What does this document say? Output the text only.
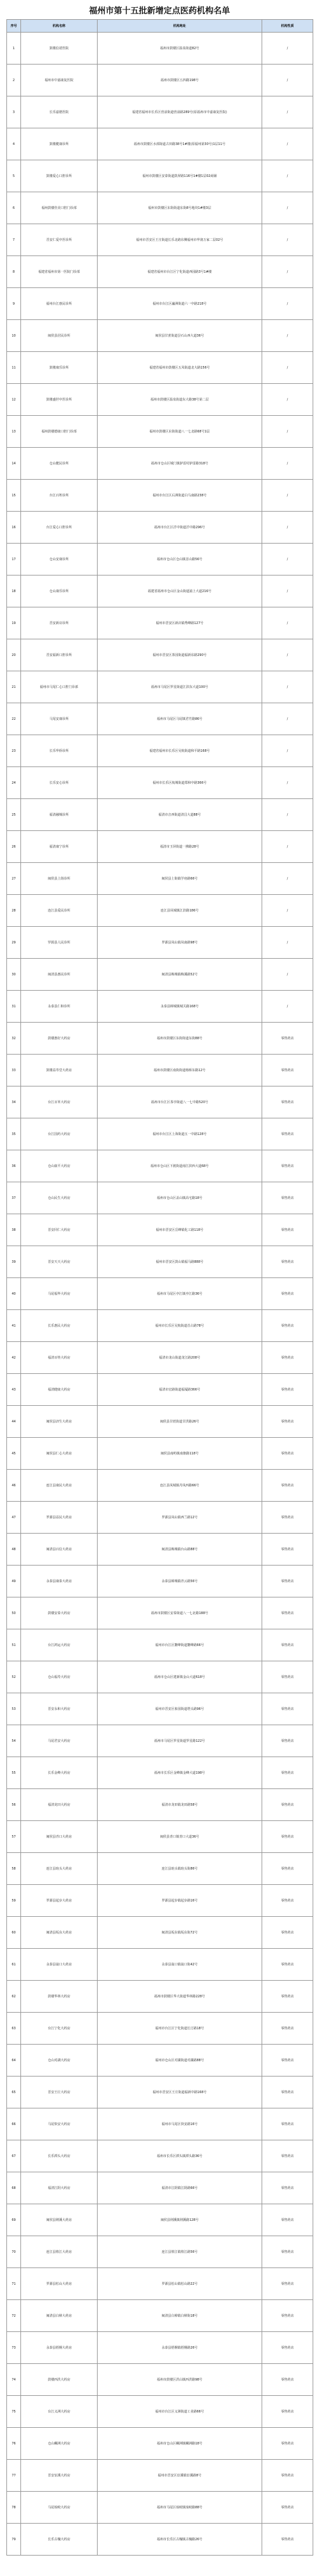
福州市第十五批新增定点医药机构名单
序号	机构名称	机构地址	机构性质
1	鼓楼信诺医院	福州市鼓楼区温泉街道82号	/
2	福州市中嘉康复医院	福州市鼓楼区五四路198号	/
3	长乐嘉德医院	福建省福州市长乐区营前街道营前路289号(原福州市中嘉康复医院)	/
4	鼓楼健康诊所	福州市鼓楼区水部街道古田路38号1#楼(原福州第30号)1层11号	/
5	鼓楼爱心口腔诊所	福州市鼓楼区安泰街道鼓屏路116号1#楼1层02商铺	/
6	福州鼓楼佳美口腔门诊部	福州市鼓楼区东街街道东街8号地块1#楼3层	/
7	晋安仁爱中医诊所	福州市晋安区王庄街道长乐北路东侧福州市华润万家二层02号	/
8	福建省福州市第一医院门诊部	福建省福州市台江区宁化街道西园路3号1#楼	/
9	福州台江惠民诊所	福州市台江区瀛洲街道六一中路218号	/
10	闽侯县居民诊所	闽侯县甘蔗街道昙石山西大道36号	/
11	鼓楼康乐诊所	福建省福州市鼓楼区五凤街道北大路156号	/
12	鼓楼盛世中医诊所	福州市鼓楼区温泉街道东大路38号第二层	/
13	福州鼓楼德康口腔门诊部	福州市鼓楼区东街街道八一七北路68号1层	/
14	仓山健民诊所	福州市仓山区城门镇胪雷村胪雷路318号	/
15	台江百姓诊所	福州市台江区后洲街道白马南路238号	/
16	台江爱心口腔诊所	福州市台江区洋中街道洋中路296号	/
17	仓山安康诊所	福州市仓山区仓山镇首山路56号	/
18	仓山康乐诊所	福建省福州市仓山区金山街道浦上大道216号	/
19	晋安新店诊所	福州市晋安区新店镇秀峰路127号	/
20	晋安福新口腔诊所	福州市晋安区茶园街道福新东路290号	/
21	福州市马尾仁心口腔门诊部	福州市马尾区罗星街道江滨东大道100号	/
22	马尾安康诊所	福州市马尾区马尾镇君竹路86号	/
23	长乐华侨诊所	福建省福州市长乐区吴航街道和平路168号	/
24	长乐安心诊所	福州市长乐区航城街道郑和中路366号	/
25	福清融城诊所	福清市音西街道清昌大道88号	/
26	福清康宁诊所	福清市玉屏街道一拂路28号	/
27	闽侯县上街诊所	闽侯县上街镇学府路66号	/
28	连江县爱民诊所	连江县凤城镇江滨路186号	/
29	罗源县人民诊所	罗源县凤山镇凤南路98号	/
30	闽清县惠民诊所	闽清县梅城镇梅溪路52号	/
31	永泰县仁和诊所	永泰县樟城镇城关路168号	/
32	鼓楼惠好大药房	福州市鼓楼区东街街道东街88号	零售药店
33	鼓楼益寿堂大药房	福州市鼓楼区南街街道杨桥东路12号	零售药店
34	台江百草大药房	福州市台江区茶亭街道八一七中路520号	零售药店
35	台江国药大药房	福州市台江区上海街道五一中路128号	零售药店
36	仓山康平大药房	福州市仓山区下渡街道南江滨西大道68号	零售药店
37	仓山民生大药房	福州市仓山区盖山镇高宅路18号	零售药店
38	晋安同仁大药房	福州市晋安区岳峰镇化工路118号	零售药店
39	晋安天天大药房	福州市晋安区鼓山镇福马路888号	零售药店
40	马尾福华大药房	福州市马尾区亭江镇亭江路36号	零售药店
41	长乐惠民大药房	福州市长乐区吴航街道首占路78号	零售药店
42	福清百姓大药房	福清市龙山街道龙江路208号	零售药店
43	福清健康大药房	福清市宏路街道福厦路366号	零售药店
44	闽侯县济生大药房	闽侯县甘蔗街道甘洪路26号	零售药店
45	闽侯县仁心大药房	闽侯县南屿镇南旗路118号	零售药店
46	连江县康民大药房	连江县凤城镇丹凤西路66号	零售药店
47	罗源县益民大药房	罗源县凤山镇西兰路12号	零售药店
48	闽清县百信大药房	闽清县梅城镇台山路88号	零售药店
49	永泰县康泰大药房	永泰县樟城镇青云路56号	零售药店
50	鼓楼安泰大药房	福州市鼓楼区安泰街道八一七北路188号	零售药店
51	台江鸿运大药房	福州市台江区鳌峰街道鳌峰路66号	零售药店
52	仓山福寿大药房	福州市仓山区建新镇金山大道618号	零售药店
53	晋安永和大药房	福州市晋安区象园街道塔头路96号	零售药店
54	马尾君安大药房	福州市马尾区罗星街道罗星路122号	零售药店
55	长乐金峰大药房	福州市长乐区金峰镇金峰大道198号	零售药店
56	福清龙田大药房	福清市龙田镇龙田路58号	零售药店
57	闽侯县青口大药房	闽侯县青口镇青口大道36号	零售药店
58	连江县琯头大药房	连江县琯头镇琯头街86号	零售药店
59	罗源县起步大药房	罗源县起步镇起步路16号	零售药店
60	闽清县坂东大药房	闽清县坂东镇坂东街72号	零售药店
61	永泰县嵩口大药房	永泰县嵩口镇嵩口街42号	零售药店
62	鼓楼华林大药房	福州市鼓楼区华大街道华林路228号	零售药店
63	台江宁化大药房	福州市台江区宁化街道长汀路18号	零售药店
64	仓山对湖大药房	福州市仓山区对湖街道对湖路88号	零售药店
65	晋安王庄大药房	福州市晋安区王庄街道福新中路168号	零售药店
66	马尾快安大药房	福州市马尾区快安路16号	零售药店
67	长乐潭头大药房	福州市长乐区潭头镇潭头路36号	零售药店
68	福清江阴大药房	福清市江阴镇江阴路66号	零售药店
69	闽侯县荆溪大药房	闽侯县荆溪镇荆溪路128号	零售药店
70	连江县敖江大药房	连江县敖江镇敖江路56号	零售药店
71	罗源县松山大药房	罗源县松山镇松山路22号	零售药店
72	闽清县白樟大药房	闽清县白樟镇白樟街18号	零售药店
73	永泰县梧桐大药房	永泰县梧桐镇梧桐路26号	零售药店
74	鼓楼西洪大药房	福州市鼓楼区洪山镇西洪路98号	零售药店
75	台江义洲大药房	福州市台江区义洲街道工业路66号	零售药店
76	仓山螺洲大药房	福州市仓山区螺洲镇螺洲路18号	零售药店
77	晋安宦溪大药房	福州市晋安区宦溪镇宦溪路8号	零售药店
78	马尾琅岐大药房	福州市马尾区琅岐镇琅岐路88号	零售药店
79	长乐古槐大药房	福州市长乐区古槐镇古槐路26号	零售药店
